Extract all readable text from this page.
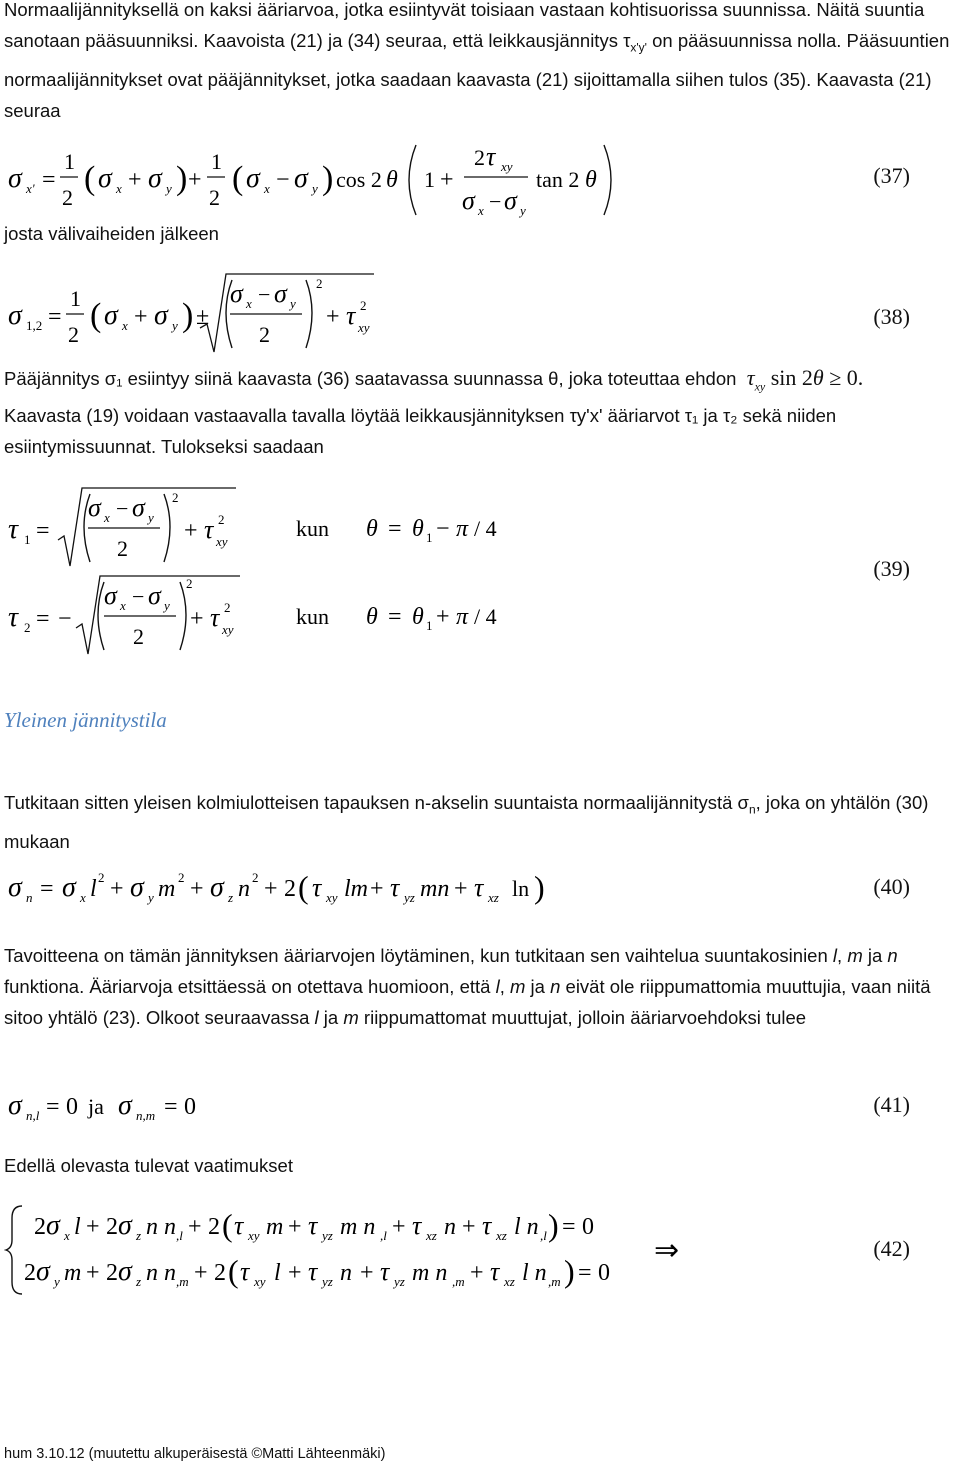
Normaalijännityksellä on kaksi ääriarvoa, jotka esiintyvät toisiaan vastaan kohtisuorissa suunnissa. Näitä suuntia sanotaan pääsuunniksi. Kaavoista (21) ja (34) seuraa, että leikkausjännitys $\tau_{x'y'}$ on pääsuunnissa nolla. Pääsuuntien normaalijännitykset ovat pääjännitykset, jotka saadaan kaavasta (21) sijoittamalla siihen tulos (35). Kaavasta (21) seuraa

σ x' =
1
2
( σ x + σ y ) +
1
2
( σ x − σ y ) cos 2 θ 1 +
2 τ xy
σ x − σ y
tan 2 θ	(37)

josta välivaiheiden jälkeen

σ 1,2 =
1
2
( σ x + σ y ) ±
σ x − σ y
2
2
+ τ 2
xy	(38)

Pääjännitys σ₁ esiintyy siinä kaavasta (36) saatavassa suunnassa θ, joka toteuttaa ehdon $\tau_{xy}$ sin 2θ ≥ 0.

Kaavasta (19) voidaan vastaavalla tavalla löytää leikkausjännityksen τy'x' ääriarvot τ₁ ja τ₂ sekä niiden esiintymissuunnat. Tulokseksi saadaan

τ 1 =
σ x − σ y
2
2
+ τ 2
xy
kun θ = θ 1 − π / 4
τ 2 = −
σ x − σ y
2
2
+ τ 2
xy
kun θ = θ 1 + π / 4
(39)
Yleinen jännitystila

Tutkitaan sitten yleisen kolmiulotteisen tapauksen n-akselin suuntaista normaalijännitystä $\sigma_n$, joka on yhtälön (30) mukaan

σ n = σ x l 2 + σ y m 2 + σ z n 2 + 2 ( τ xy lm + τ yz mn + τ xz ln )	(40)

Tavoitteena on tämän jännityksen ääriarvojen löytäminen, kun tutkitaan sen vaihtelua suuntakosinien l, m ja n funktiona. Ääriarvoja etsittäessä on otettava huomioon, että l, m ja n eivät ole riippumattomia muuttujia, vaan niitä sitoo yhtälö (23). Olkoot seuraavassa l ja m riippumattomat muuttujat, jolloin ääriarvoehdoksi tulee

σ n,l = 0 ja σ n,m = 0	(41)

Edellä olevasta tulevat vaatimukset

2 σ x l + 2 σ z n n ,l + 2 ( τ xy m + τ yz m n ,l + τ xz n + τ xz l n ,l ) = 0
2 σ y m + 2 σ z n n ,m + 2 ( τ xy l + τ yz n + τ yz m n ,m + τ xz l n ,m ) = 0
⇒	(42)
hum 3.10.12 (muutettu alkuperäisestä ©Matti Lähteenmäki)
